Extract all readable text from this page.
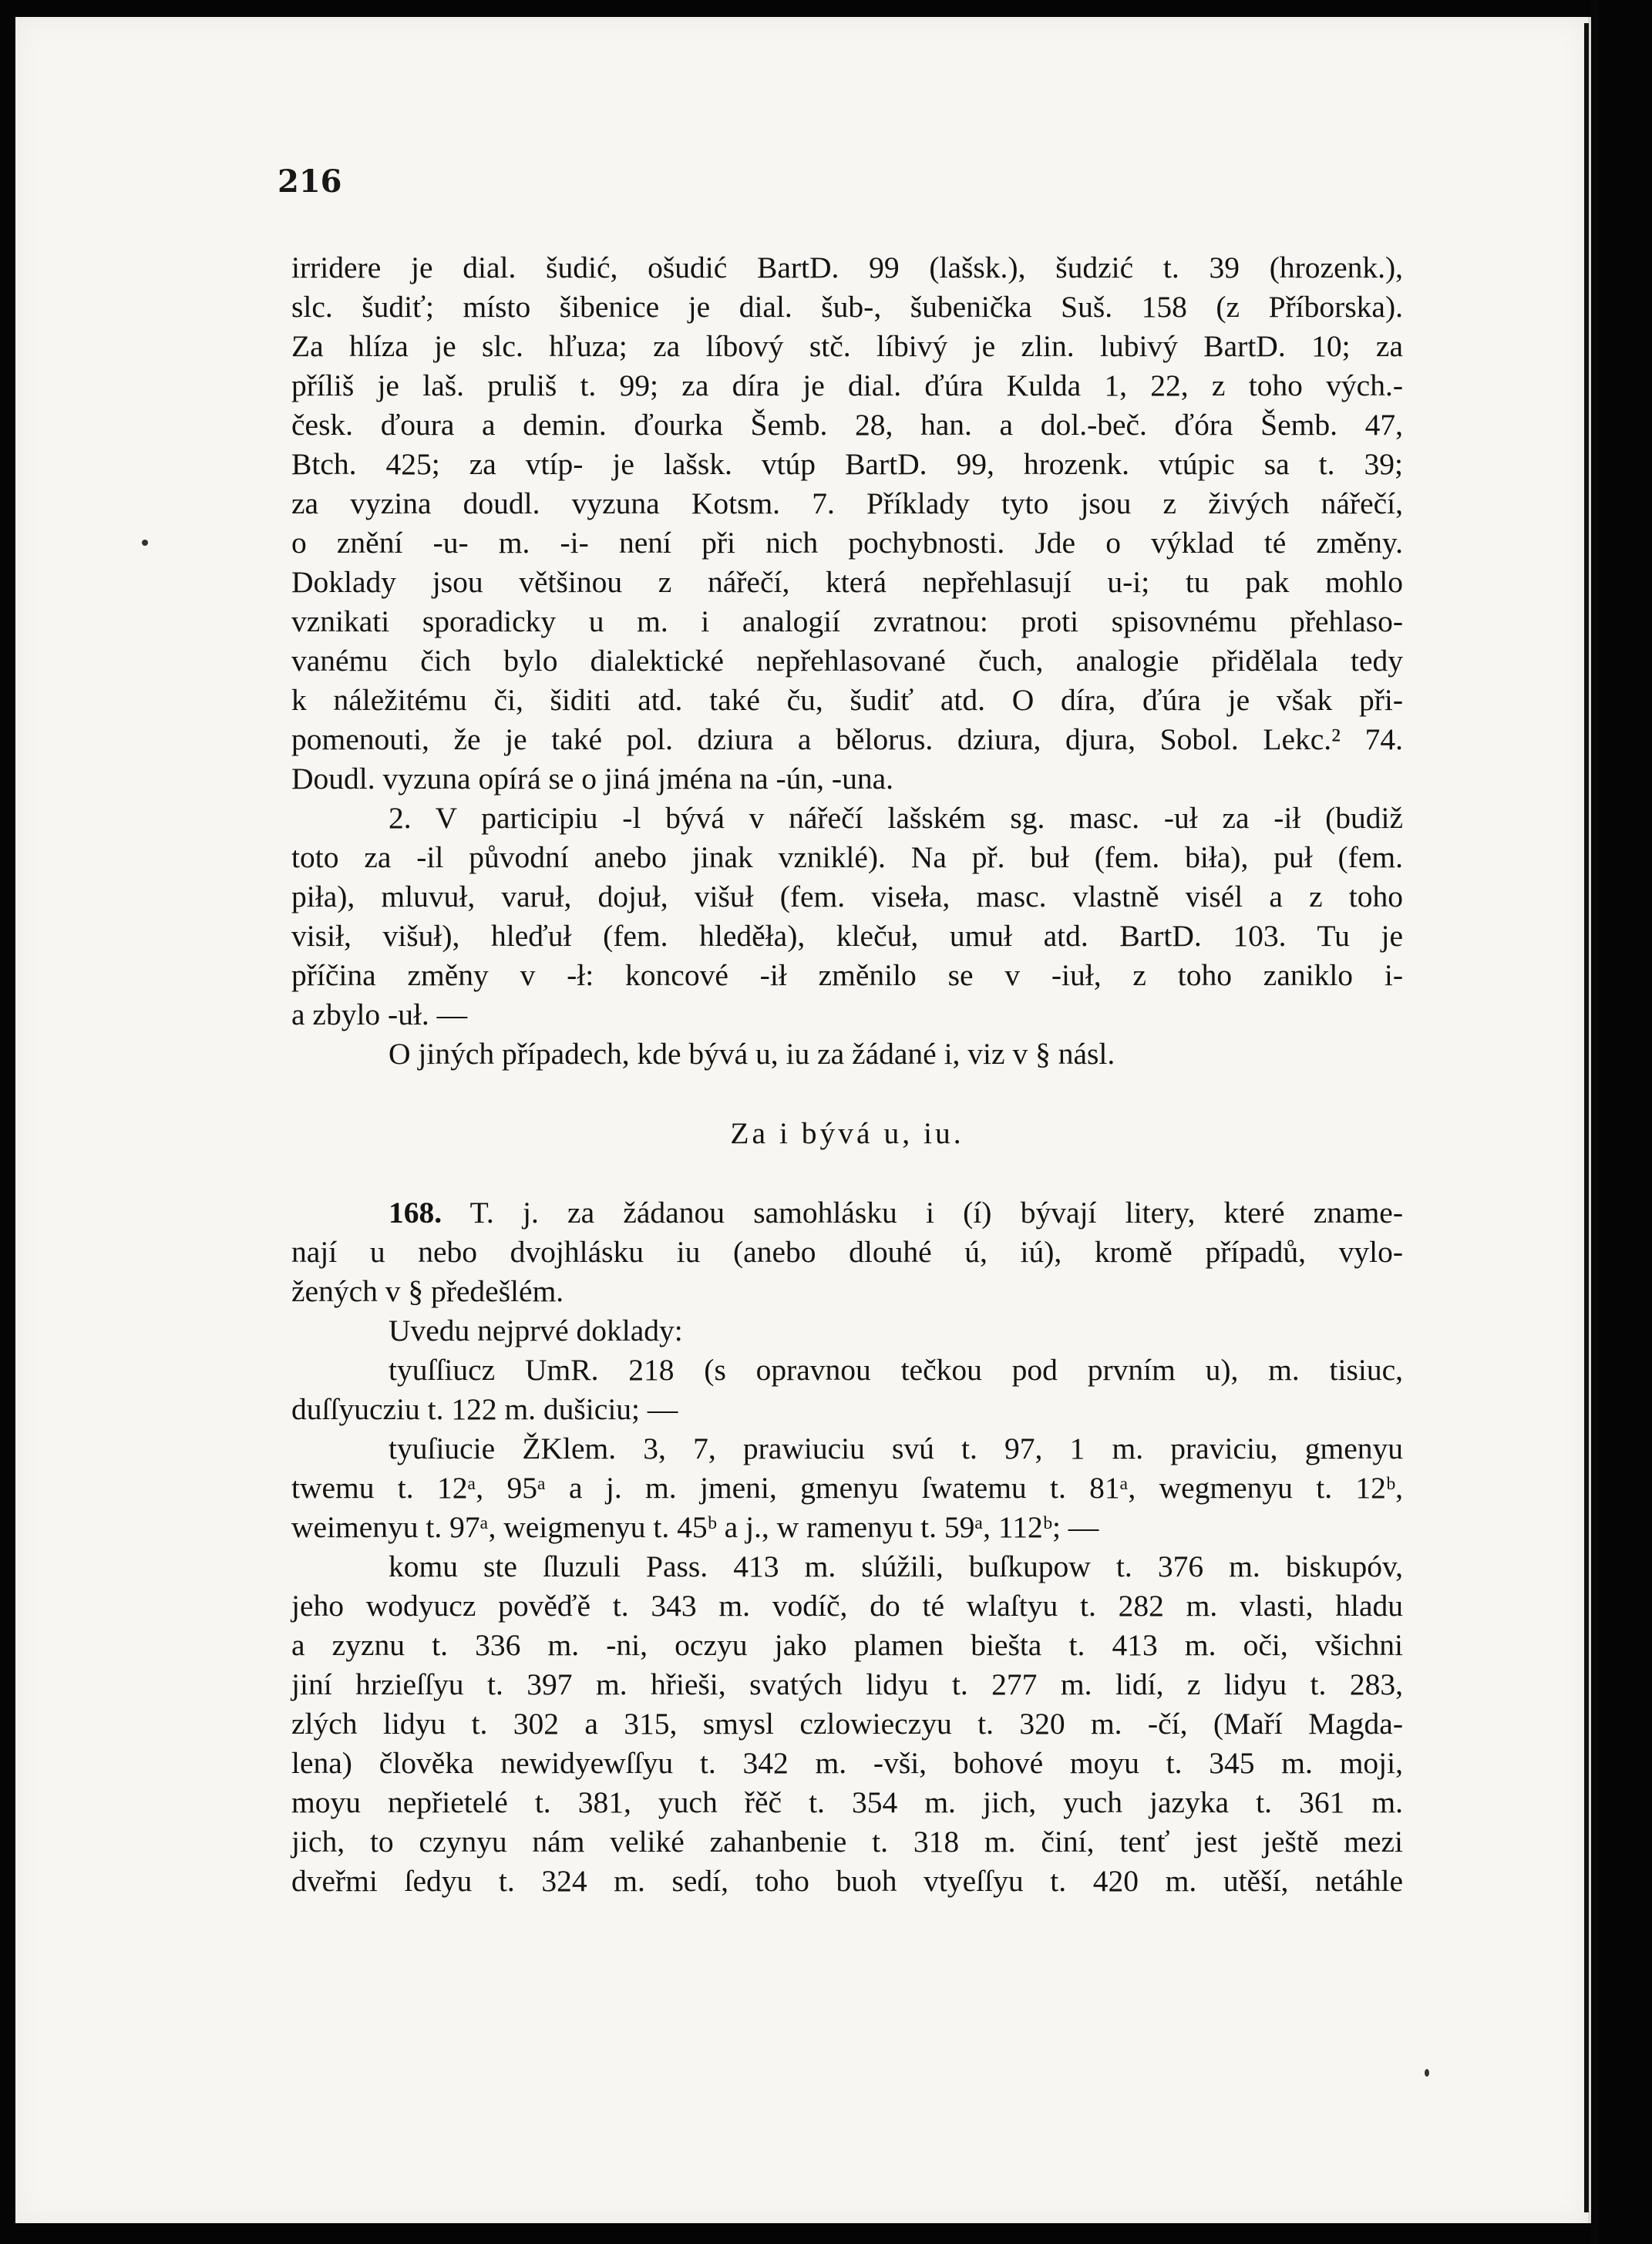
216
irridere je dial. šudić, ošudić BartD. 99 (lašsk.), šudzić t. 39 (hrozenk.),
slc. šudiť; místo šibenice je dial. šub-, šubenička Suš. 158 (z Příborska).
Za hlíza je slc. hľuza; za líbový stč. líbivý je zlin. lubivý BartD. 10; za
příliš je laš. pruliš t. 99; za díra je dial. ďúra Kulda 1, 22, z toho vých.-
česk. ďoura a demin. ďourka Šemb. 28, han. a dol.-beč. ďóra Šemb. 47,
Btch. 425; za vtíp- je lašsk. vtúp BartD. 99, hrozenk. vtúpic sa t. 39;
za vyzina doudl. vyzuna Kotsm. 7. Příklady tyto jsou z živých nářečí,
o znění -u- m. -i- není při nich pochybnosti. Jde o výklad té změny.
Doklady jsou většinou z nářečí, která nepřehlasují u-i; tu pak mohlo
vznikati sporadicky u m. i analogií zvratnou: proti spisovnému přehlaso-
vanému čich bylo dialektické nepřehlasované čuch, analogie přidělala tedy
k náležitému či, šiditi atd. také ču, šudiť atd. O díra, ďúra je však při-
pomenouti, že je také pol. dziura a bělorus. dziura, djura, Sobol. Lekc.² 74.
Doudl. vyzuna opírá se o jiná jména na -ún, -una.
2. V participiu -l bývá v nářečí lašském sg. masc. -uł za -ił (budiž
toto za -il původní anebo jinak vzniklé). Na př. buł (fem. biła), puł (fem.
piła), mluvuł, varuł, dojuł, višuł (fem. viseła, masc. vlastně visél a z toho
visił, višuł), hleďuł (fem. hleděła), klečuł, umuł atd. BartD. 103. Tu je
příčina změny v -ł: koncové -ił změnilo se v -iuł, z toho zaniklo i-
a zbylo -uł. —
O jiných případech, kde bývá u, iu za žádané i, viz v § násl.
Za i bývá u, iu.
168. T. j. za žádanou samohlásku i (í) bývají litery, které zname-
nají u nebo dvojhlásku iu (anebo dlouhé ú, iú), kromě případů, vylo-
žených v § předešlém.
Uvedu nejprvé doklady:
tyuſſiucz UmR. 218 (s opravnou tečkou pod prvním u), m. tisiuc,
duſſyucziu t. 122 m. dušiciu; —
tyuſiucie ŽKlem. 3, 7, prawiuciu svú t. 97, 1 m. praviciu, gmenyu
twemu t. 12ᵃ, 95ᵃ a j. m. jmeni, gmenyu ſwatemu t. 81ᵃ, wegmenyu t. 12ᵇ,
weimenyu t. 97ᵃ, weigmenyu t. 45ᵇ a j., w ramenyu t. 59ᵃ, 112ᵇ; —
komu ste ſluzuli Pass. 413 m. slúžili, buſkupow t. 376 m. biskupóv,
jeho wodyucz pověďě t. 343 m. vodíč, do té wlaſtyu t. 282 m. vlasti, hladu
a zyznu t. 336 m. -ni, oczyu jako plamen biešta t. 413 m. oči, všichni
jiní hrzieſſyu t. 397 m. hřieši, svatých lidyu t. 277 m. lidí, z lidyu t. 283,
zlých lidyu t. 302 a 315, smysl czlowieczyu t. 320 m. -čí, (Maří Magda-
lena) člověka newidyewſſyu t. 342 m. -vši, bohové moyu t. 345 m. moji,
moyu nepřietelé t. 381, yuch řěč t. 354 m. jich, yuch jazyka t. 361 m.
jich, to czynyu nám veliké zahanbenie t. 318 m. činí, tenť jest ještě mezi
dveřmi ſedyu t. 324 m. sedí, toho buoh vtyeſſyu t. 420 m. utěší, netáhle
